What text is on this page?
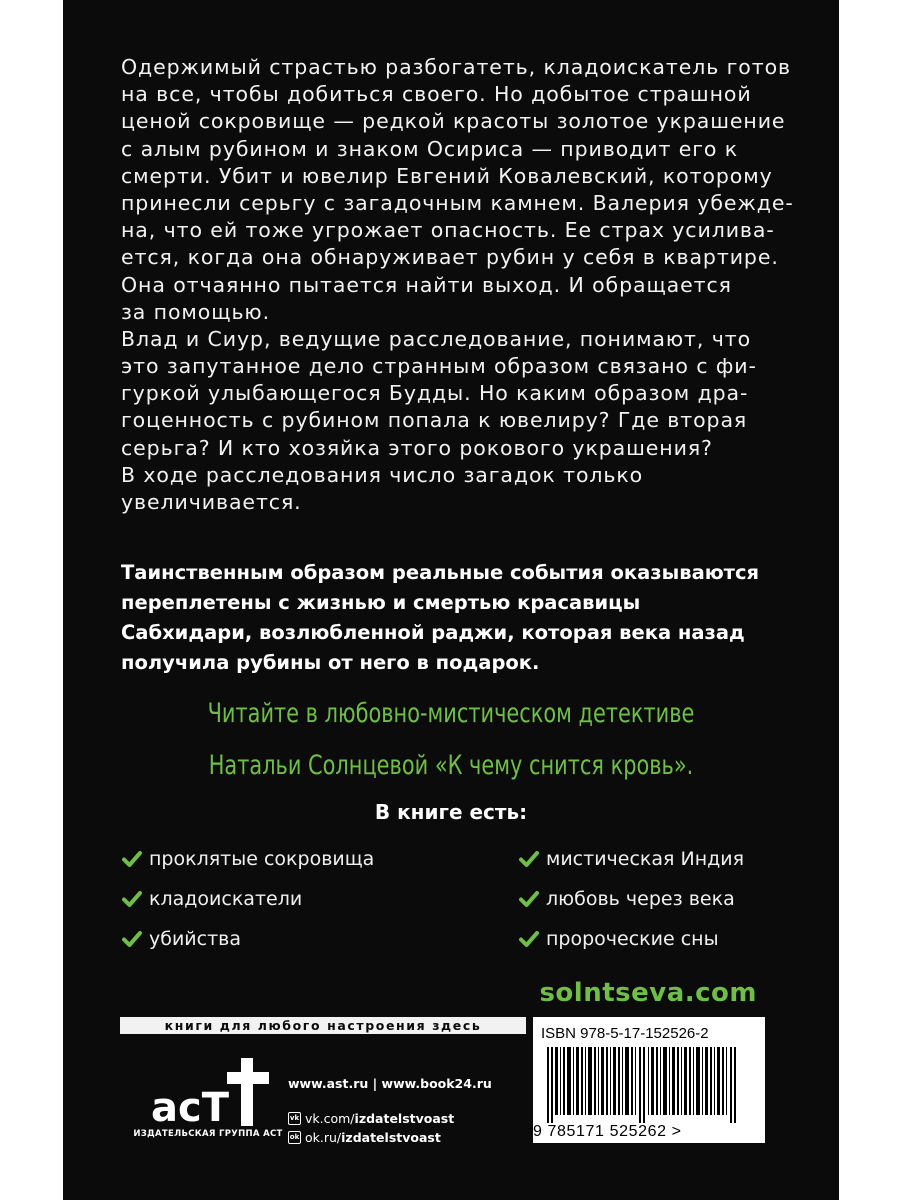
Одержимый страстью разбогатеть, кладоискатель готов
на все, чтобы добиться своего. Но добытое страшной
ценой сокровище — редкой красоты золотое украшение
с алым рубином и знаком Осириса — приводит его к
смерти. Убит и ювелир Евгений Ковалевский, которому
принесли серьгу с загадочным камнем. Валерия убежде-
на, что ей тоже угрожает опасность. Ее страх усилива-
ется, когда она обнаруживает рубин у себя в квартире.
Она отчаянно пытается найти выход. И обращается
за помощью.
Влад и Сиур, ведущие расследование, понимают, что
это запутанное дело странным образом связано с фи-
гуркой улыбающегося Будды. Но каким образом дра-
гоценность с рубином попала к ювелиру? Где вторая
серьга? И кто хозяйка этого рокового украшения?
В ходе расследования число загадок только
увеличивается.
Таинственным образом реальные события оказываются
переплетены с жизнью и смертью красавицы
Сабхидари, возлюбленной раджи, которая века назад
получила рубины от него в подарок.
Читайте в любовно-мистическом детективе
Натальи Солнцевой «К чему снится кровь».
В книге есть:
проклятые сокровища
кладоискатели
убийства
мистическая Индия
любовь через века
пророческие сны
solntseva.com
книги для любого настроения здесь	ISBN 978-5-17-152526-2
9 785171 525262 >
acT
ИЗДАТЕЛЬСКАЯ ГРУППА АСТ
www.ast.ru | www.book24.ru
vk vk.com/ izdatelstvoast
ok ok.ru/ izdatelstvoast
